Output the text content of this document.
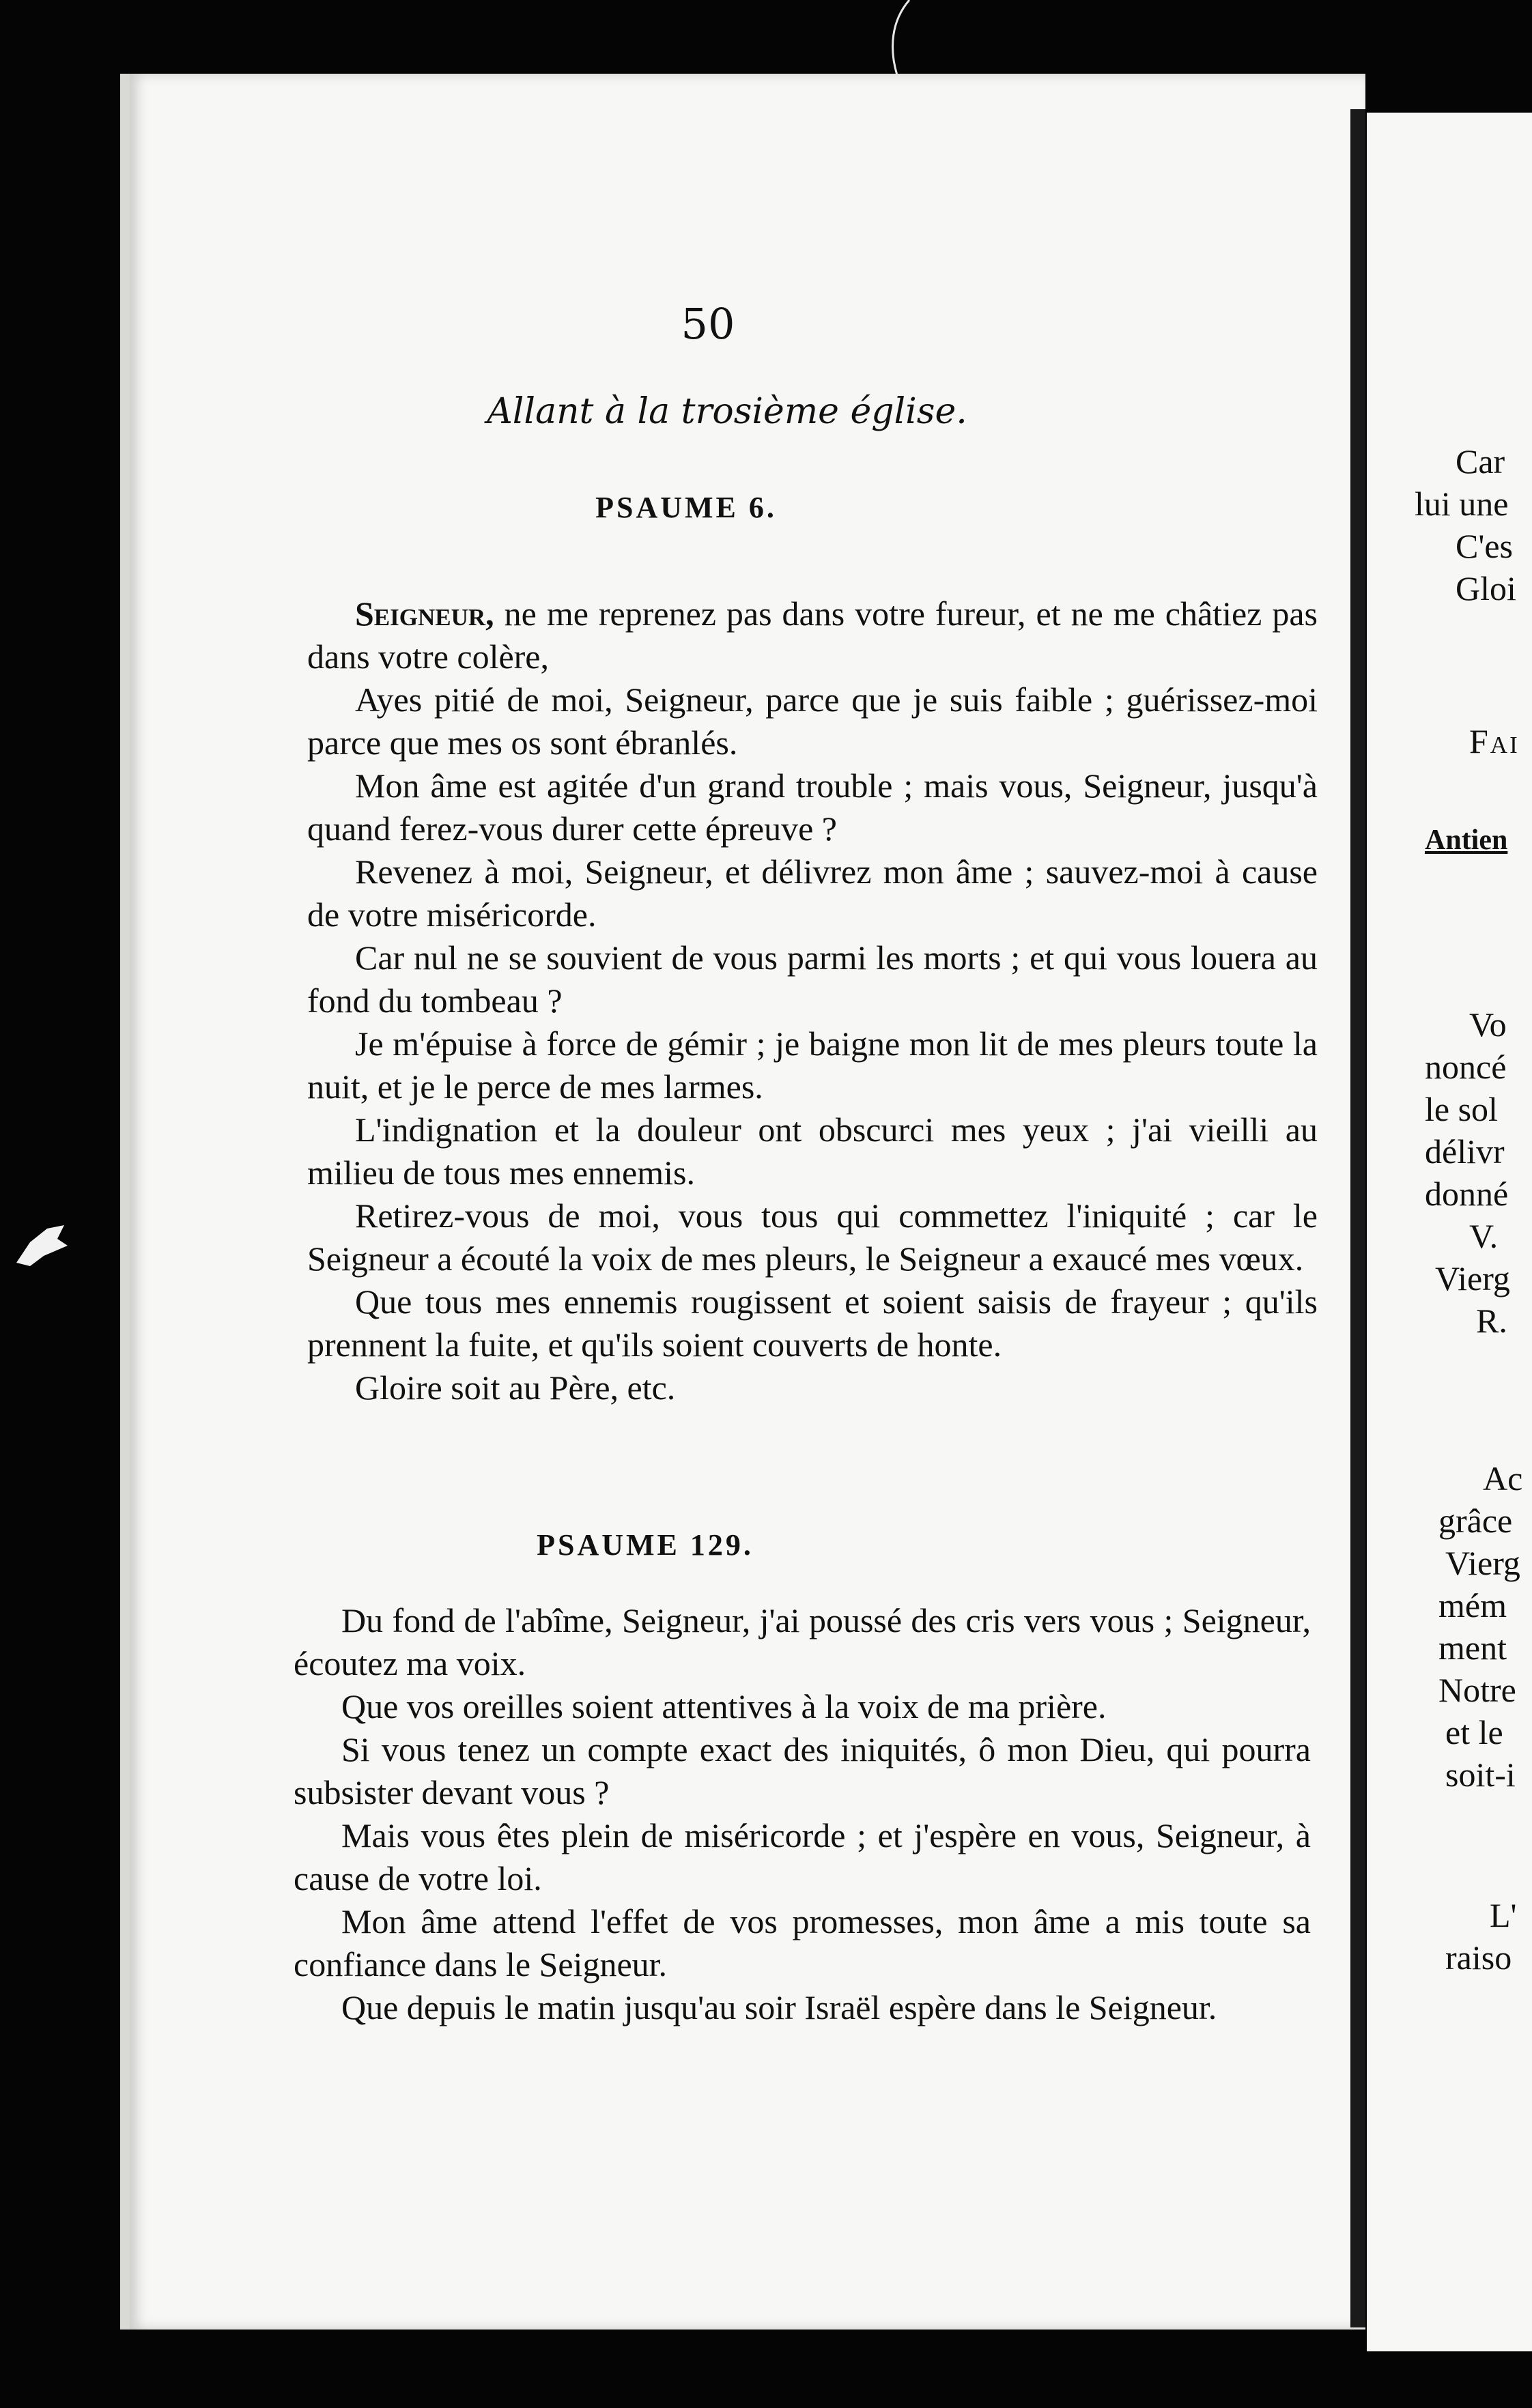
50
Allant à la trosième église.
PSAUME 6.

Seigneur, ne me reprenez pas dans votre fureur, et ne me châtiez pas dans votre colère,

Ayes pitié de moi, Seigneur, parce que je suis faible ; guérissez-moi parce que mes os sont ébranlés.

Mon âme est agitée d'un grand trouble ; mais vous, Seigneur, jusqu'à quand ferez-vous durer cette épreuve ?

Revenez à moi, Seigneur, et délivrez mon âme ; sauvez-moi à cause de votre miséricorde.

Car nul ne se souvient de vous parmi les morts ; et qui vous louera au fond du tombeau ?

Je m'épuise à force de gémir ; je baigne mon lit de mes pleurs toute la nuit, et je le perce de mes larmes.

L'indignation et la douleur ont obscurci mes yeux ; j'ai vieilli au milieu de tous mes ennemis.

Retirez-vous de moi, vous tous qui commettez l'iniquité ; car le Seigneur a écouté la voix de mes pleurs, le Seigneur a exaucé mes vœux.

Que tous mes ennemis rougissent et soient saisis de frayeur ; qu'ils prennent la fuite, et qu'ils soient couverts de honte.

Gloire soit au Père, etc.

PSAUME 129.

Du fond de l'abîme, Seigneur, j'ai poussé des cris vers vous ; Seigneur, écoutez ma voix.

Que vos oreilles soient attentives à la voix de ma prière.

Si vous tenez un compte exact des iniquités, ô mon Dieu, qui pourra subsister devant vous ?

Mais vous êtes plein de miséricorde ; et j'espère en vous, Seigneur, à cause de votre loi.

Mon âme attend l'effet de vos promesses, mon âme a mis toute sa confiance dans le Seigneur.

Que depuis le matin jusqu'au soir Israël espère dans le Seigneur.

Car
lui une
C'es
Gloi
Fai
Antien
Vo
noncé
le sol
délivr
donné
V.
Vierg
R.
Ac
grâce
Vierg
mém
ment
Notre
et le
soit-i
L'
raiso
